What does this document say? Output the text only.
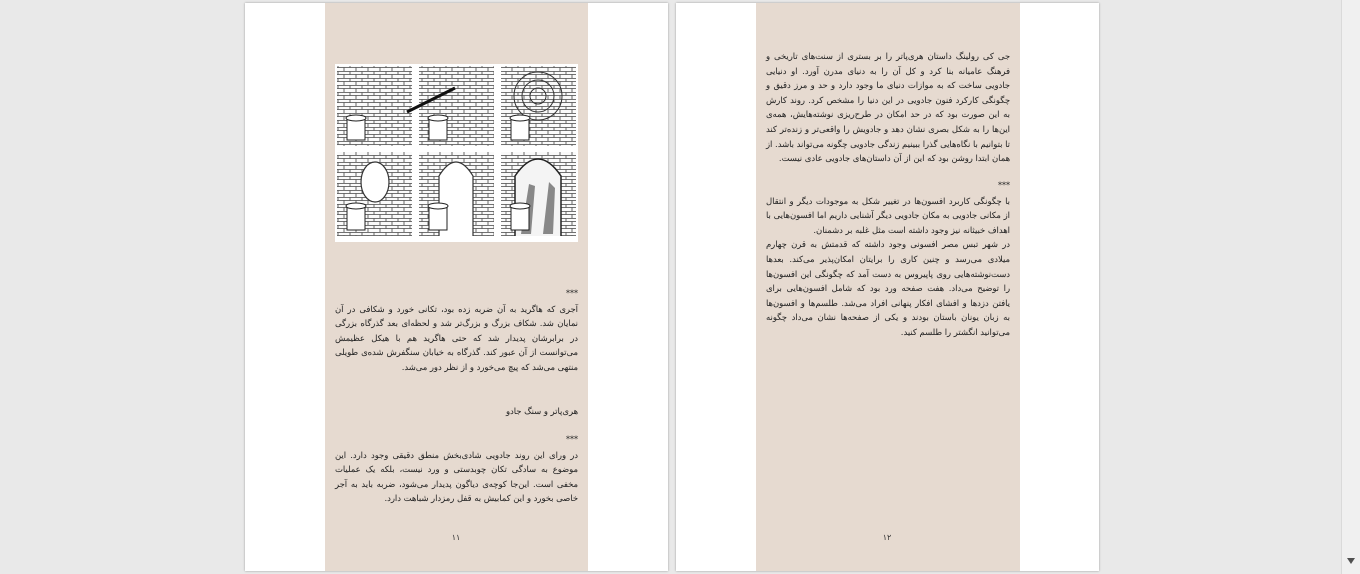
***

آجری که هاگرید به آن ضربه زده بود، تکانی خورد و شکافی در آن نمایان شد. شکاف بزرگ و بزرگ‌تر شد و لحظه‌ای بعد گذرگاه بزرگی در برابرشان پدیدار شد که حتی هاگرید هم با هیکل عظیمش می‌توانست از آن عبور کند. گذرگاه به خیابان سنگفرش شده‌ی طویلی منتهی می‌شد که پیچ می‌خورد و از نظر دور می‌شد.

هری‌پاتر و سنگ جادو
***

در ورای این روند جادویی شادی‌بخش منطق دقیقی وجود دارد. این موضوع به سادگی تکان چوبدستی و ورد نیست، بلکه یک عملیات مخفی است. این‌جا کوچه‌ی دیاگون پدیدار می‌شود، ضربه باید به آجر خاصی بخورد و این کمابیش به قفل رمزدار شباهت دارد.

۱۱

جی کی رولینگ داستان هری‌پاتر را بر بستری از سنت‌های تاریخی و فرهنگ عامیانه بنا کرد و کل آن را به دنیای مدرن آورد. او دنیایی جادویی ساخت که به موازات دنیای ما وجود دارد و حد و مرز دقیق و چگونگی کارکرد فنون جادویی در این دنیا را مشخص کرد. روند کارش به این صورت بود که در حد امکان در طرح‌ریزی نوشته‌هایش، همه‌ی این‌ها را به شکل بصری نشان دهد و جادویش را واقعی‌تر و زنده‌تر کند تا بتوانیم با نگاه‌هایی گذرا ببینیم زندگی جادویی چگونه می‌تواند باشد. از همان ابتدا روشن بود که این از آن داستان‌های جادویی عادی نیست.

***

با چگونگی کاربرد افسون‌ها در تغییر شکل به موجودات دیگر و انتقال از مکانی جادویی به مکان جادویی دیگر آشنایی داریم اما افسون‌هایی با اهداف خبیثانه نیز وجود داشته است مثل غلبه بر دشمنان.

در شهر تبس مصر افسونی وجود داشته که قدمتش به قرن چهارم میلادی می‌رسد و چنین کاری را برایتان امکان‌پذیر می‌کند. بعدها دست‌نوشته‌هایی روی پاپیروس به دست آمد که چگونگی این افسون‌ها را توضیح می‌داد. هفت صفحه ورد بود که شامل افسون‌هایی برای یافتن دزدها و افشای افکار پنهانی افراد می‌شد. طلسم‌ها و افسون‌ها به زبان یونان باستان بودند و یکی از صفحه‌ها نشان می‌داد چگونه می‌توانید انگشتر را طلسم کنید.

۱۲
